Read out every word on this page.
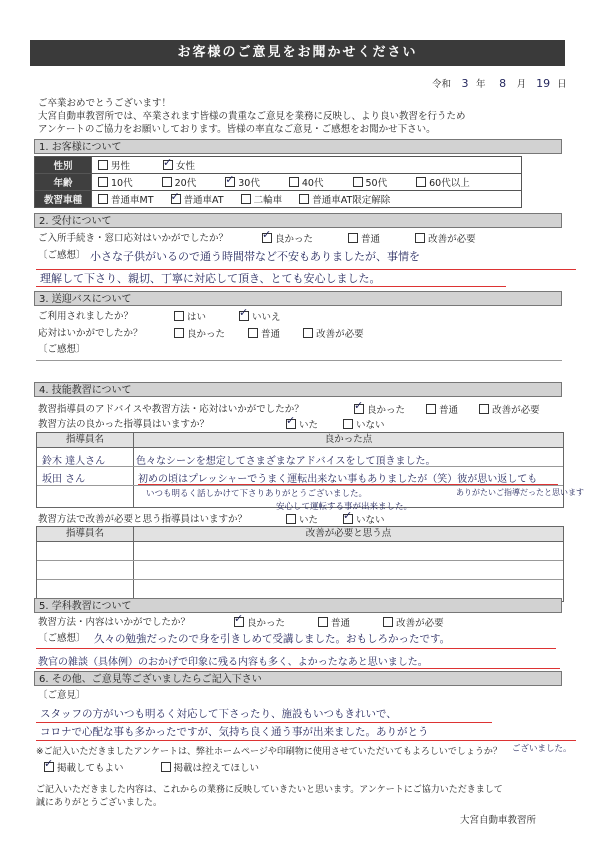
お客様のご意見をお聞かせください
令和 3 年 8 月 19 日
ご卒業おめでとうございます！
大宮自動車教習所では、卒業されます皆様の貴重なご意見を業務に反映し、より良い教習を行うため
アンケートのご協力をお願いしております。皆様の率直なご意見・ご感想をお聞かせ下さい。
1. お客様について
性別	男性 ✓ 女性
年齢	10代 20代 ✓ 30代 40代 50代 60代以上
教習車種	普通車MT ✓ 普通車AT 二輪車 普通車AT限定解除
2. 受付について
ご入所手続き・窓口応対はいかがでしたか？ ✓	良かった	普通	改善が必要
〔ご感想〕 小さな子供がいるので通う時間帯など不安もありましたが、事情を
理解して下さり、親切、丁寧に対応して頂き、とても安心しました。
3. 送迎バスについて
ご利用されましたか？	はい ✓	いいえ
応対はいかがでしたか？	良かった	普通	改善が必要
〔ご感想〕
4. 技能教習について
教習指導員のアドバイスや教習方法・応対はいかがでしたか？ ✓	良かった	普通	改善が必要
教習方法の良かった指導員はいますか？ ✓	いた	いない
指導員名	良かった点
鈴木 達人さん	色々なシーンを想定してさまざまなアドバイスをして頂きました。
坂田 さん	初めの頃はプレッシャーでうまく運転出来ない事もありましたが（笑）彼が思い返しても
いつも明るく話しかけて下さりありがとうございました。	ありがたいご指導だったと思います
安心して運転する事が出来ました。
教習方法で改善が必要と思う指導員はいますか？	いた ✓	いない
指導員名	改善が必要と思う点
5. 学科教習について
教習方法・内容はいかがでしたか？ ✓	良かった	普通	改善が必要
〔ご感想〕 久々の勉強だったので身を引きしめて受講しました。おもしろかったです。
教官の雑談（具体例）のおかげで印象に残る内容も多く、よかったなあと思いました。
6. その他、ご意見等ございましたらご記入下さい
〔ご意見〕
スタッフの方がいつも明るく対応して下さったり、施設もいつもきれいで、
コロナで心配な事も多かったですが、気持ち良く通う事が出来ました。ありがとう
ございました。
※ご記入いただきましたアンケートは、弊社ホームページや印刷物に使用させていただいてもよろしいでしょうか？
✓掲載してもよい	掲載は控えてほしい
ご記入いただきました内容は、これからの業務に反映していきたいと思います。アンケートにご協力いただきまして
誠にありがとうございました。
大宮自動車教習所
